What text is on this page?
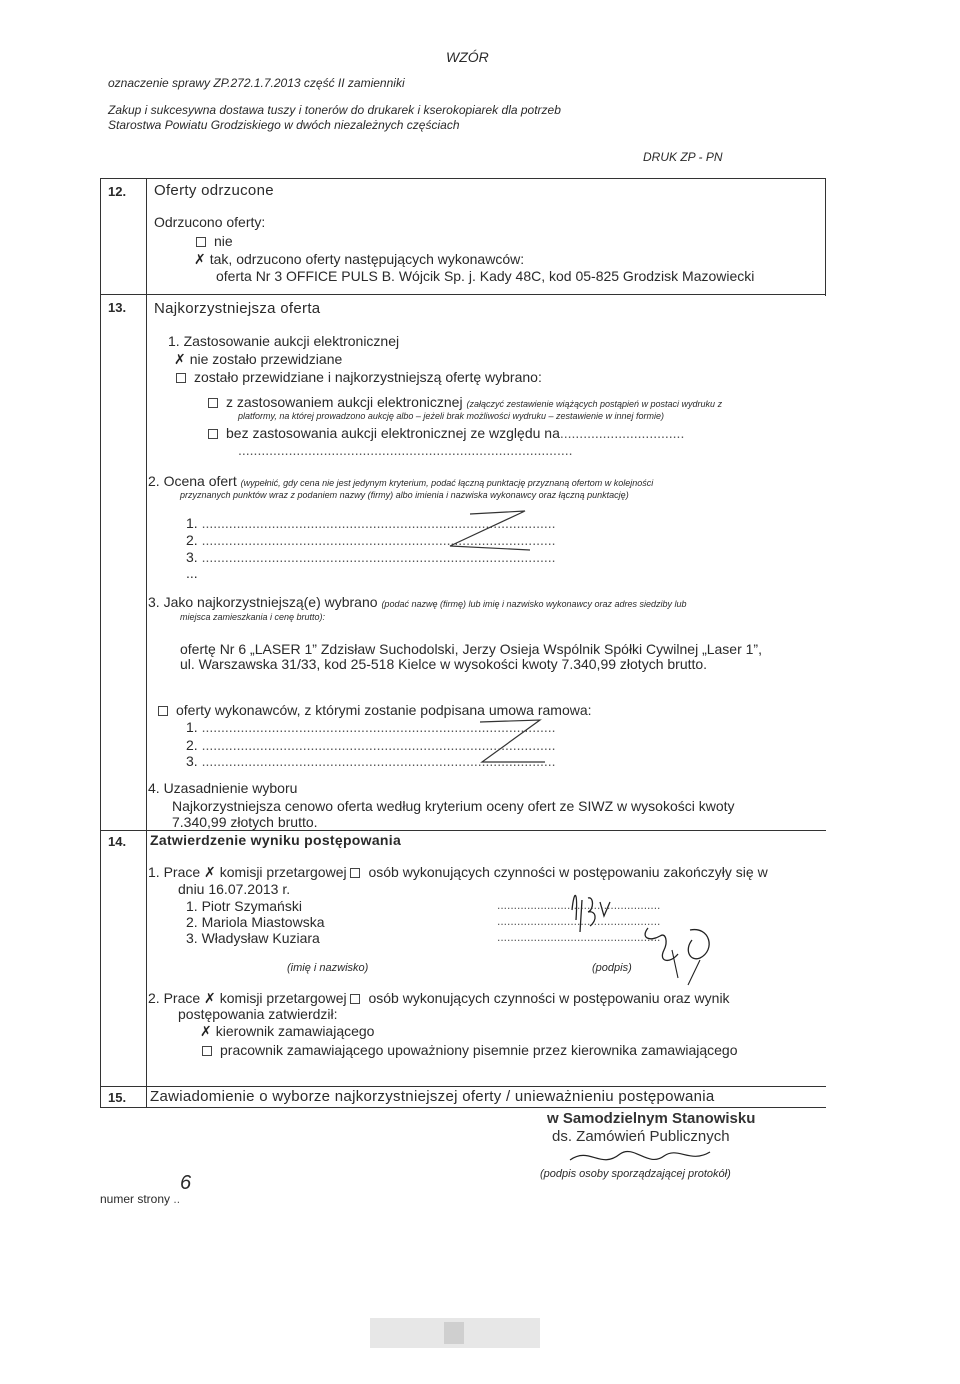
WZÓR
oznaczenie sprawy ZP.272.1.7.2013 część II zamienniki
Zakup i sukcesywna dostawa tuszy i tonerów do drukarek i kserokopiarek dla potrzeb
Starostwa Powiatu Grodziskiego w dwóch niezależnych częściach
DRUK ZP - PN
12. Oferty odrzucone
Odrzucono oferty:
nie
✗ tak, odrzucono oferty następujących wykonawców:
oferta Nr 3 OFFICE PULS B. Wójcik Sp. j. Kady 48C, kod 05-825 Grodzisk Mazowiecki
13. Najkorzystniejsza oferta
1. Zastosowanie aukcji elektronicznej
✗ nie zostało przewidziane
zostało przewidziane i najkorzystniejszą ofertę wybrano:
z zastosowaniem aukcji elektronicznej (załączyć zestawienie wiążących postąpień w postaci wydruku z
platformy, na której prowadzono aukcję albo – jeżeli brak możliwości wydruku – zestawienie w innej formie)
bez zastosowania aukcji elektronicznej ze względu na................................
......................................................................................
2. Ocena ofert (wypełnić, gdy cena nie jest jedynym kryterium, podać łączną punktację przyznaną ofertom w kolejności
przyznanych punktów wraz z podaniem nazwy (firmy) albo imienia i nazwiska wykonawcy oraz łączną punktację)
1. ...........................................................................................
2. ...........................................................................................
3. ...........................................................................................
...
3. Jako najkorzystniejszą(e) wybrano (podać nazwę (firmę) lub imię i nazwisko wykonawcy oraz adres siedziby lub
miejsca zamieszkania i cenę brutto):
ofertę Nr 6 „LASER 1” Zdzisław Suchodolski, Jerzy Osieja Wspólnik Spółki Cywilnej „Laser 1”,
ul. Warszawska 31/33, kod 25-518 Kielce w wysokości kwoty 7.340,99 złotych brutto.
oferty wykonawców, z którymi zostanie podpisana umowa ramowa:
1. ...........................................................................................
2. ...........................................................................................
3. ...........................................................................................
4. Uzasadnienie wyboru
Najkorzystniejsza cenowo oferta według kryterium oceny ofert ze SIWZ w wysokości kwoty
7.340,99 złotych brutto.
14. Zatwierdzenie wyniku postępowania
1. Prace ✗ komisji przetargowej osób wykonujących czynności w postępowaniu zakończyły się w
dniu 16.07.2013 r.
1. Piotr Szymański
2. Mariola Miastowska
3. Władysław Kuziara
.................................................
.................................................
.................................................
(imię i nazwisko)	(podpis)
2. Prace ✗ komisji przetargowej osób wykonujących czynności w postępowaniu oraz wynik
postępowania zatwierdził:
✗ kierownik zamawiającego
pracownik zamawiającego upoważniony pisemnie przez kierownika zamawiającego
15. Zawiadomienie o wyborze najkorzystniejszej oferty / unieważnieniu postępowania
w Samodzielnym Stanowisku
ds. Zamówień Publicznych
(podpis osoby sporządzającej protokół)
numer strony ..
6
